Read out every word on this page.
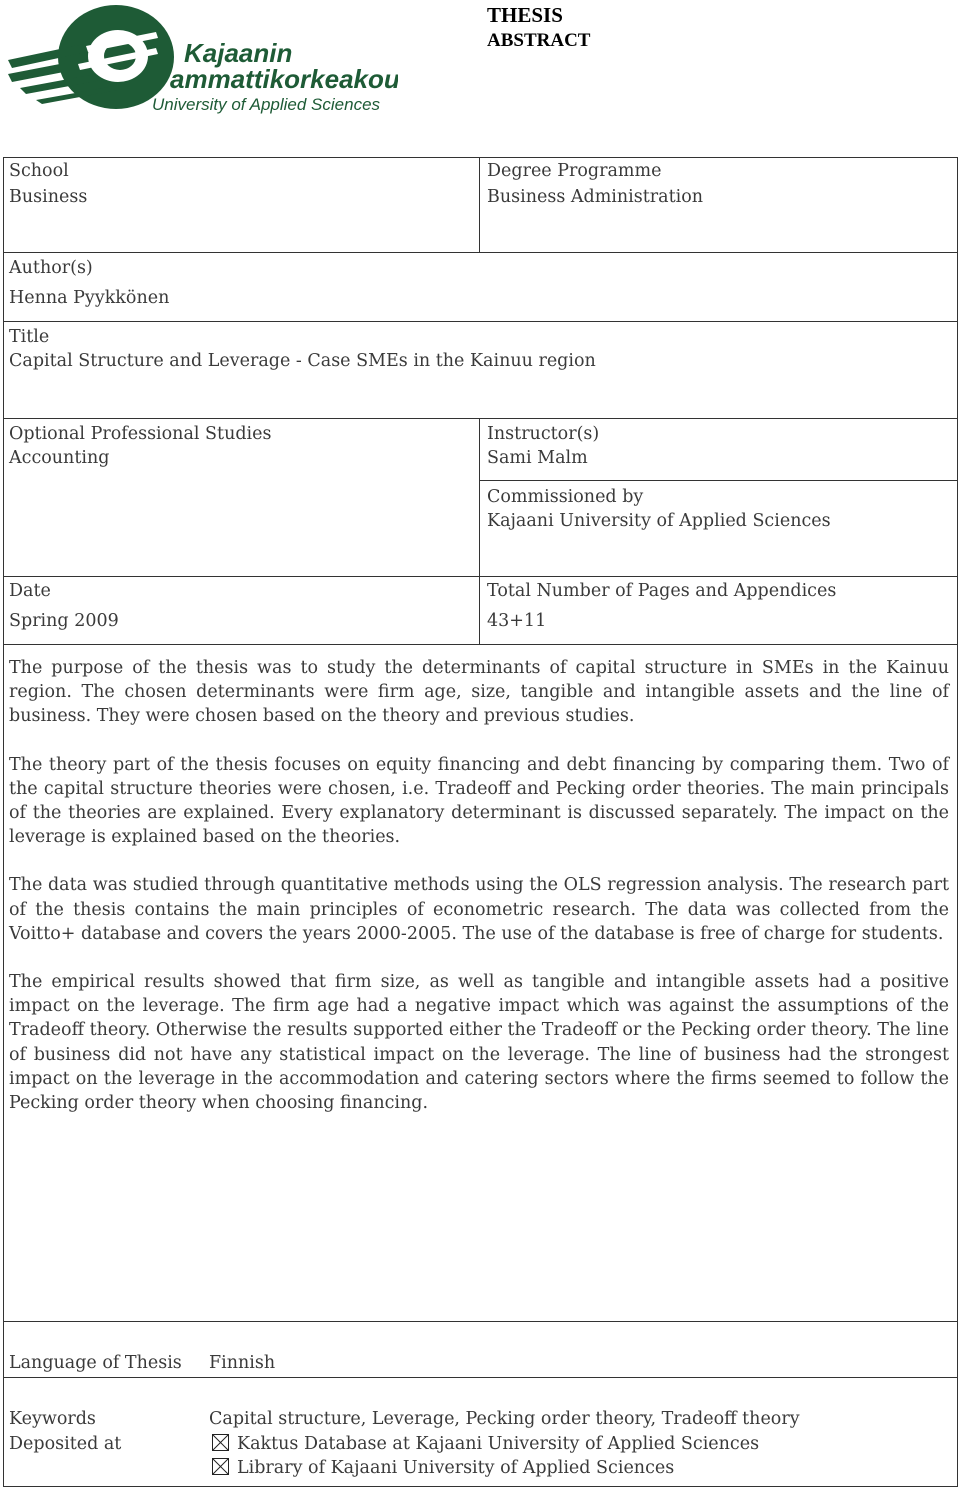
Kajaanin
ammattikorkeakoulu
University of Applied Sciences
THESIS
ABSTRACT
School
Business
Degree Programme
Business Administration
Author(s)
Henna Pyykkönen
Title
Capital Structure and Leverage - Case SMEs in the Kainuu region
Optional Professional Studies
Accounting
Instructor(s)
Sami Malm
Commissioned by
Kajaani University of Applied Sciences
Date
Spring 2009
Total Number of Pages and Appendices
43+11

The purpose of the thesis was to study the determinants of capital structure in SMEs in the Kainuu region. The chosen determinants were firm age, size, tangible and intangible assets and the line of business. They were chosen based on the theory and previous studies.

The theory part of the thesis focuses on equity financing and debt financing by comparing them. Two of the capital structure theories were chosen, i.e. Tradeoff and Pecking order theories. The main principals of the theories are explained. Every explanatory determinant is discussed separately. The impact on the leverage is explained based on the theories.

The data was studied through quantitative methods using the OLS regression analysis. The research part of the thesis contains the main principles of econometric research. The data was collected from the Voitto+ database and covers the years 2000-2005. The use of the database is free of charge for students.

The empirical results showed that firm size, as well as tangible and intangible assets had a positive impact on the leverage. The firm age had a negative impact which was against the assumptions of the Tradeoff theory. Otherwise the results supported either the Tradeoff or the Pecking order theory. The line of business did not have any statistical impact on the leverage. The line of business had the strongest impact on the leverage in the accommodation and catering sectors where the firms seemed to follow the Pecking order theory when choosing financing.

Language of Thesis Finnish
Keywords	Capital structure, Leverage, Pecking order theory, Tradeoff theory
Deposited at	Kaktus Database at Kajaani University of Applied Sciences
Library of Kajaani University of Applied Sciences
